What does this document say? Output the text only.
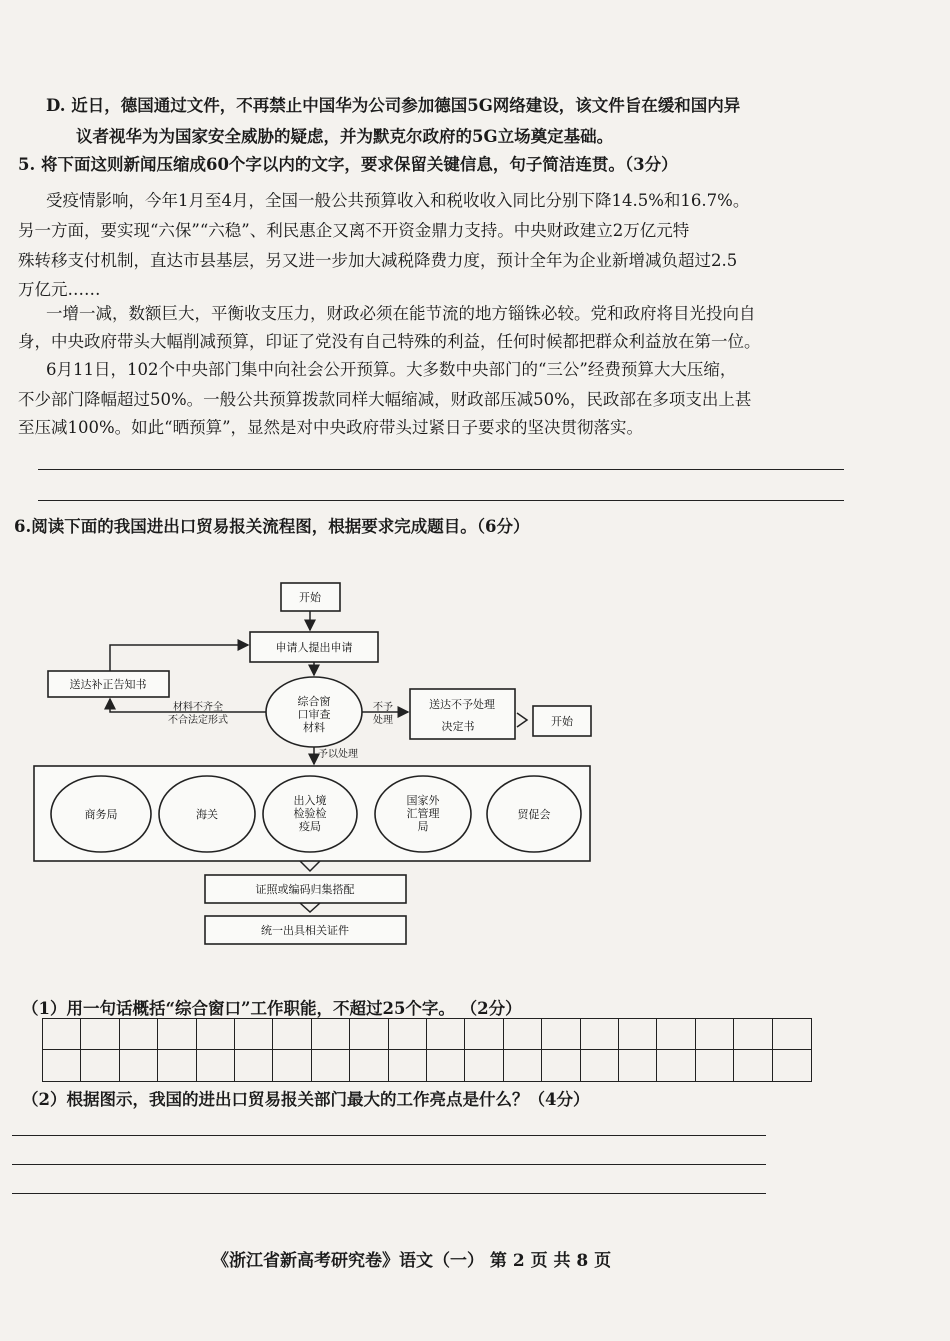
D. 近日，德国通过文件，不再禁止中国华为公司参加德国5G网络建设，该文件旨在缓和国内异
议者视华为为国家安全威胁的疑虑，并为默克尔政府的5G立场奠定基础。
5. 将下面这则新闻压缩成60个字以内的文字，要求保留关键信息，句子简洁连贯。（3分）
受疫情影响，今年1月至4月，全国一般公共预算收入和税收收入同比分别下降14.5%和16.7%。
另一方面，要实现“六保”“六稳”、利民惠企又离不开资金鼎力支持。中央财政建立2万亿元特
殊转移支付机制，直达市县基层，另又进一步加大减税降费力度，预计全年为企业新增减负超过2.5
万亿元……
一增一减，数额巨大，平衡收支压力，财政必须在能节流的地方锱铢必较。党和政府将目光投向自
身，中央政府带头大幅削减预算，印证了党没有自己特殊的利益，任何时候都把群众利益放在第一位。
6月11日，102个中央部门集中向社会公开预算。大多数中央部门的“三公”经费预算大大压缩，
不少部门降幅超过50%。一般公共预算拨款同样大幅缩减，财政部压减50%，民政部在多项支出上甚
至压减100%。如此“晒预算”，显然是对中央政府带头过紧日子要求的坚决贯彻落实。
6.阅读下面的我国进出口贸易报关流程图，根据要求完成题目。（6分）
开始
申请人提出申请
送达补正告知书
综合窗
口审查
材料
材料不齐全
不合法定形式
不予
处理
送达不予处理
决定书	开始
予以处理
商务局	海关
出入境
检验检
疫局
国家外
汇管理
局
贸促会
证照或编码归集搭配
统一出具相关证件
（1）用一句话概括“综合窗口”工作职能，不超过25个字。 （2分）
（2）根据图示，我国的进出口贸易报关部门最大的工作亮点是什么？（4分）
《浙江省新高考研究卷》语文（一） 第 2 页 共 8 页
